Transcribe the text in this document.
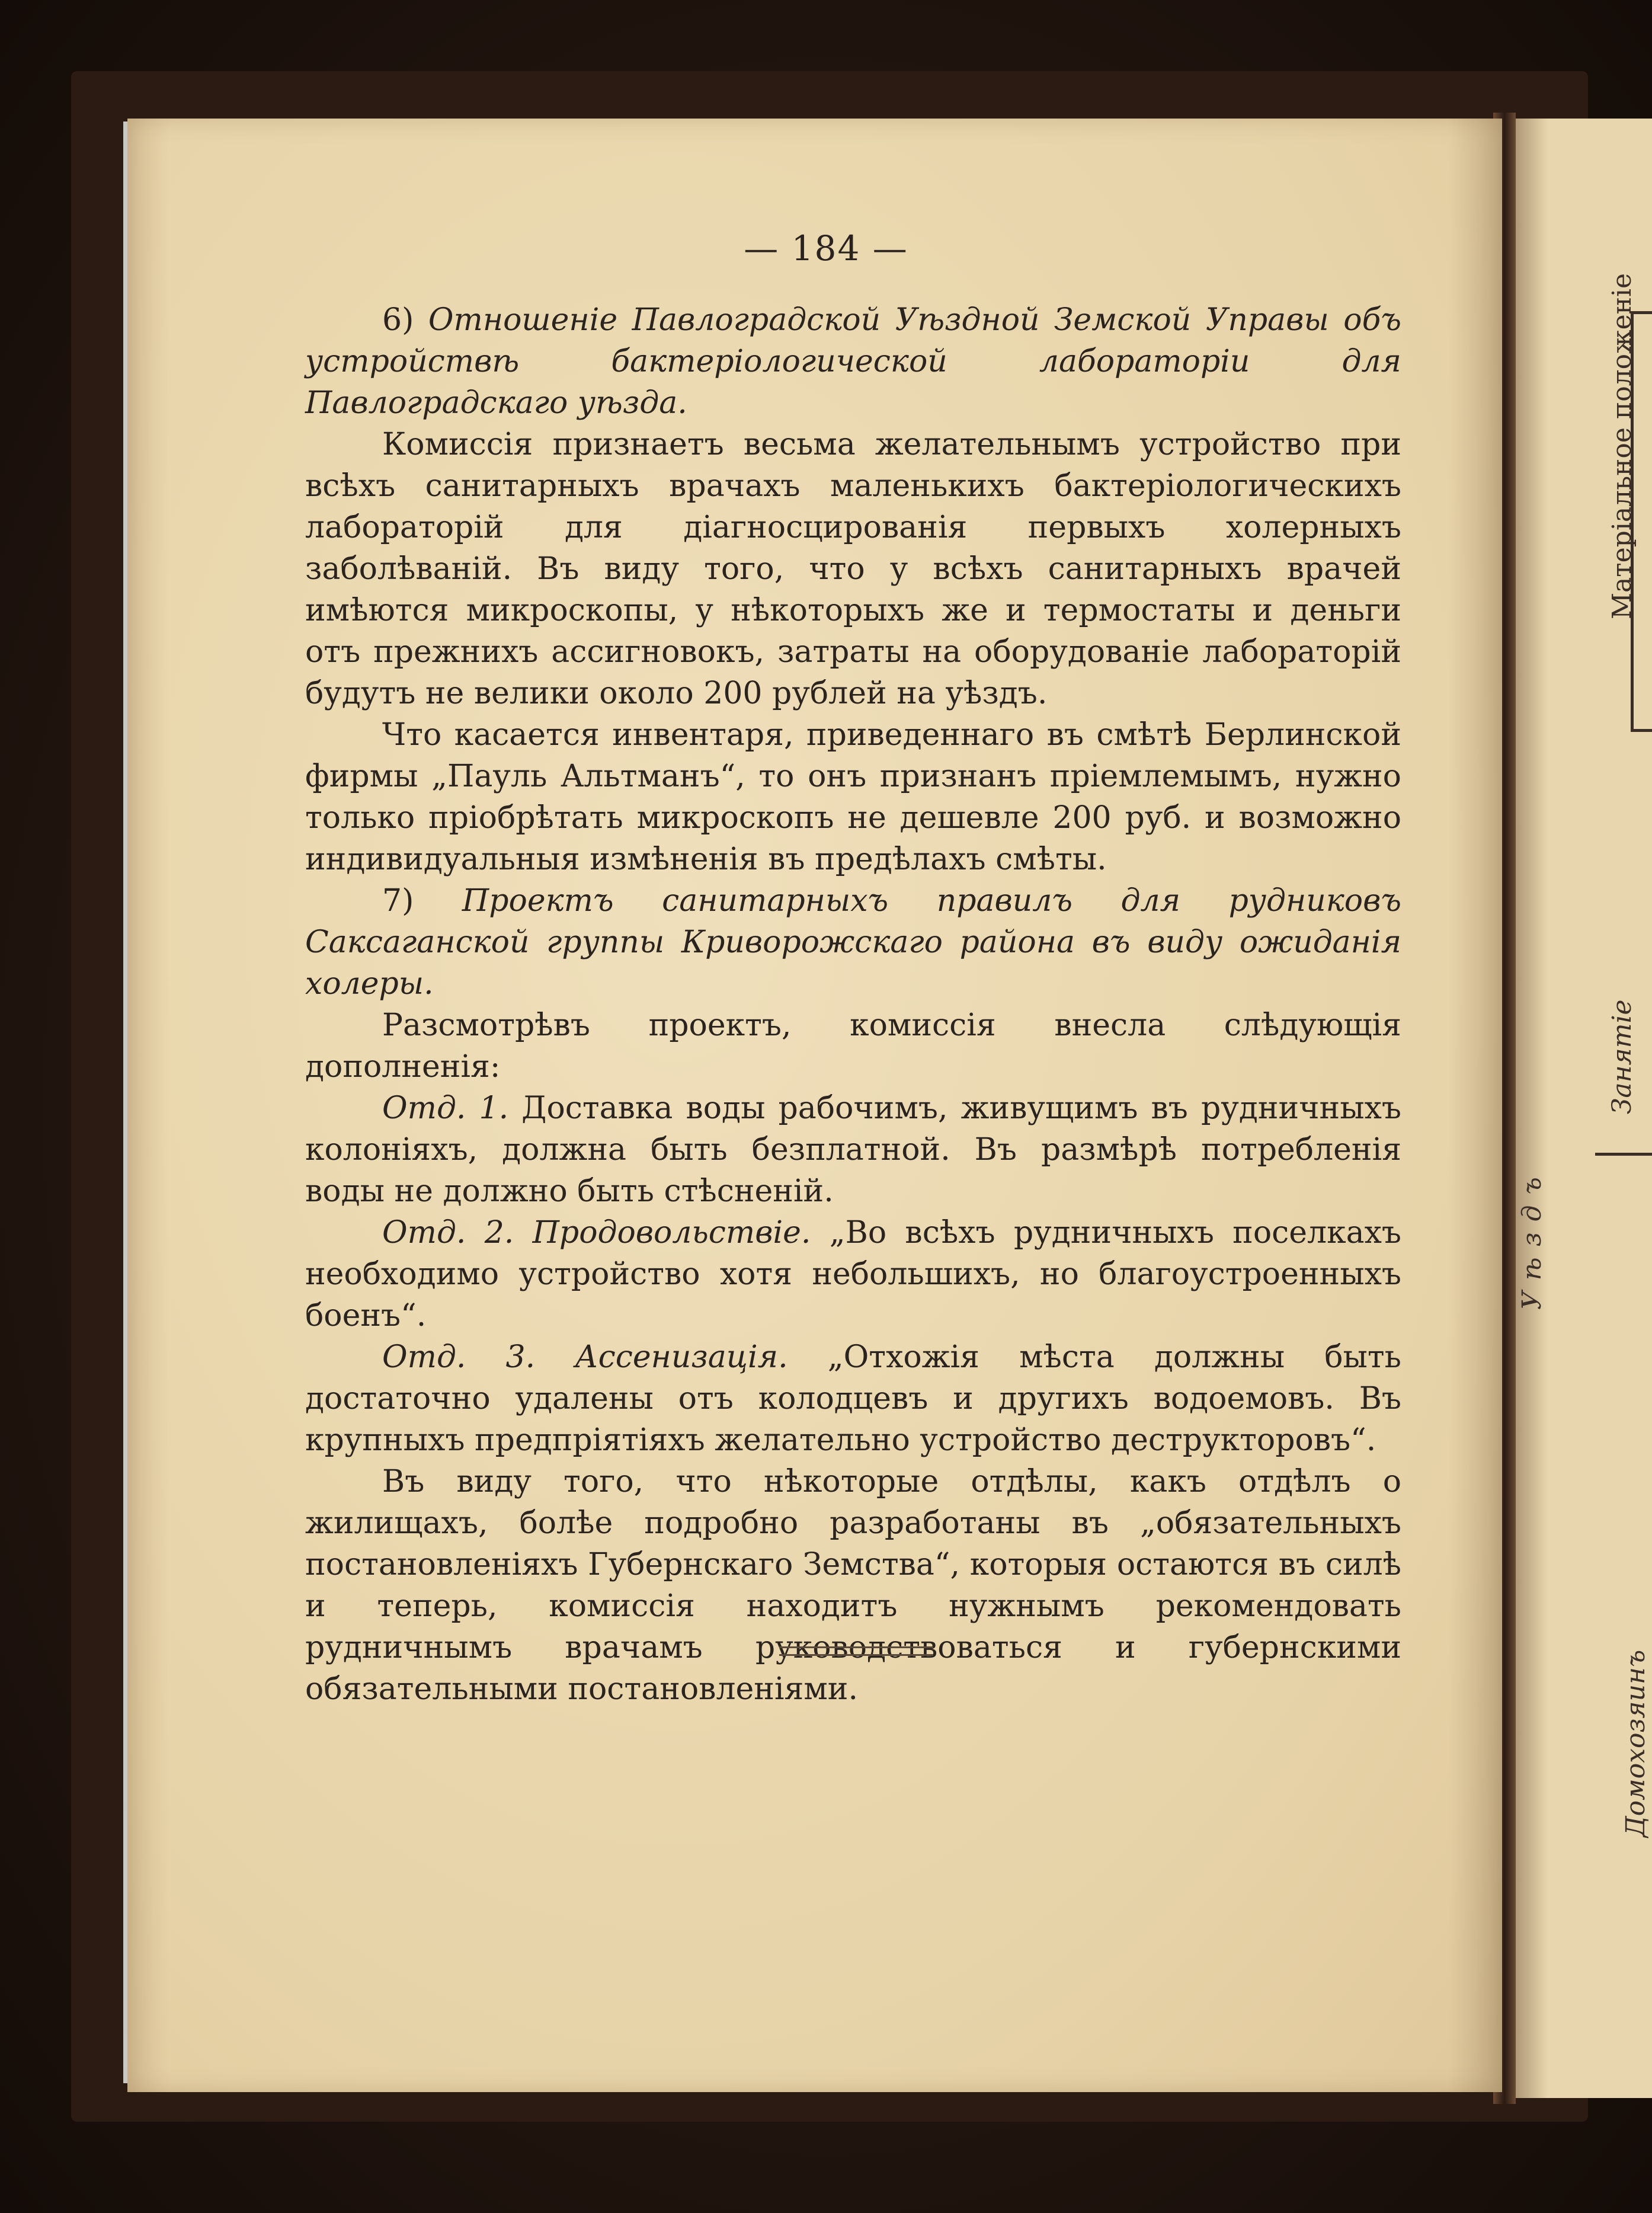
— 184 —

6) Отношеніе Павлоградской Уѣздной Земской Управы объ устройствѣ бактеріологической лабораторіи для Павлоградскаго уѣзда.

Комиссія признаетъ весьма желательнымъ устройство при всѣхъ санитарныхъ врачахъ маленькихъ бактеріологическихъ лабораторій для діагносцированія первыхъ холерныхъ заболѣваній. Въ виду того, что у всѣхъ санитарныхъ врачей имѣются микроскопы, у нѣкоторыхъ же и термостаты и деньги отъ прежнихъ ассигновокъ, затраты на оборудованіе лабораторій будутъ не велики около 200 рублей на уѣздъ.

Что касается инвентаря, приведеннаго въ смѣтѣ Берлинской фирмы „Пауль Альтманъ“, то онъ признанъ пріемлемымъ, нужно только пріобрѣтать микроскопъ не дешевле 200 руб. и возможно индивидуальныя измѣненія въ предѣлахъ смѣты.

7) Проектъ санитарныхъ правилъ для рудниковъ Саксаганской группы Криворожскаго района въ виду ожиданія холеры.

Разсмотрѣвъ проектъ, комиссія внесла слѣдующія дополненія:

Отд. 1. Доставка воды рабочимъ, живущимъ въ рудничныхъ колоніяхъ, должна быть безплатной. Въ размѣрѣ потребленія воды не должно быть стѣсненій.

Отд. 2. Продовольствіе. „Во всѣхъ рудничныхъ поселкахъ необходимо устройство хотя небольшихъ, но благоустроенныхъ боенъ“.

Отд. 3. Ассенизація. „Отхожія мѣста должны быть достаточно удалены отъ колодцевъ и другихъ водоемовъ. Въ крупныхъ предпріятіяхъ желательно устройство деструкторовъ“.

Въ виду того, что нѣкоторые отдѣлы, какъ отдѣлъ о жилищахъ, болѣе подробно разработаны въ „обязательныхъ постановленіяхъ Губернскаго Земства“, которыя остаются въ силѣ и теперь, комиссія находитъ нужнымъ рекомендовать рудничнымъ врачамъ руководствоваться и губернскими обязательными постановленіями.

Матеріальное положеніе
Занятіе
Уѣздъ
Домохозяинъ
